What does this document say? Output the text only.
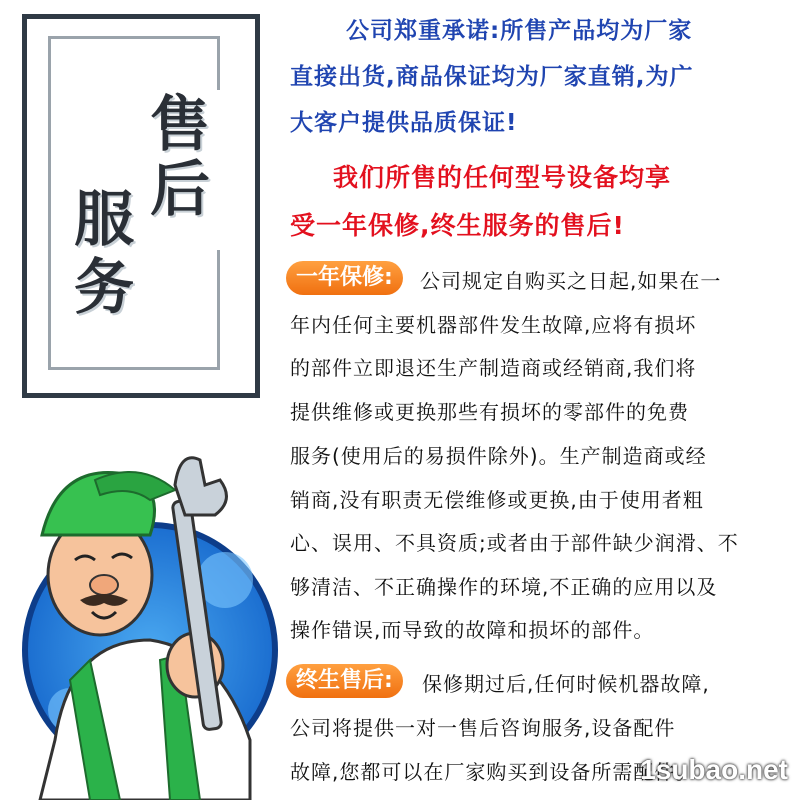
售
后
服
务
公司郑重承诺:所售产品均为厂家
直接出货,商品保证均为厂家直销,为广
大客户提供品质保证!
我们所售的任何型号设备均享
受一年保修,终生服务的售后!
一年保修:	公司规定自购买之日起,如果在一
年内任何主要机器部件发生故障,应将有损坏
的部件立即退还生产制造商或经销商,我们将
提供维修或更换那些有损坏的零部件的免费
服务(使用后的易损件除外)。生产制造商或经
销商,没有职责无偿维修或更换,由于使用者粗
心、误用、不具资质;或者由于部件缺少润滑、不
够清洁、不正确操作的环境,不正确的应用以及
操作错误,而导致的故障和损坏的部件。
终生售后:	保修期过后,任何时候机器故障,
公司将提供一对一售后咨询服务,设备配件
故障,您都可以在厂家购买到设备所需配件。
1subao.net
